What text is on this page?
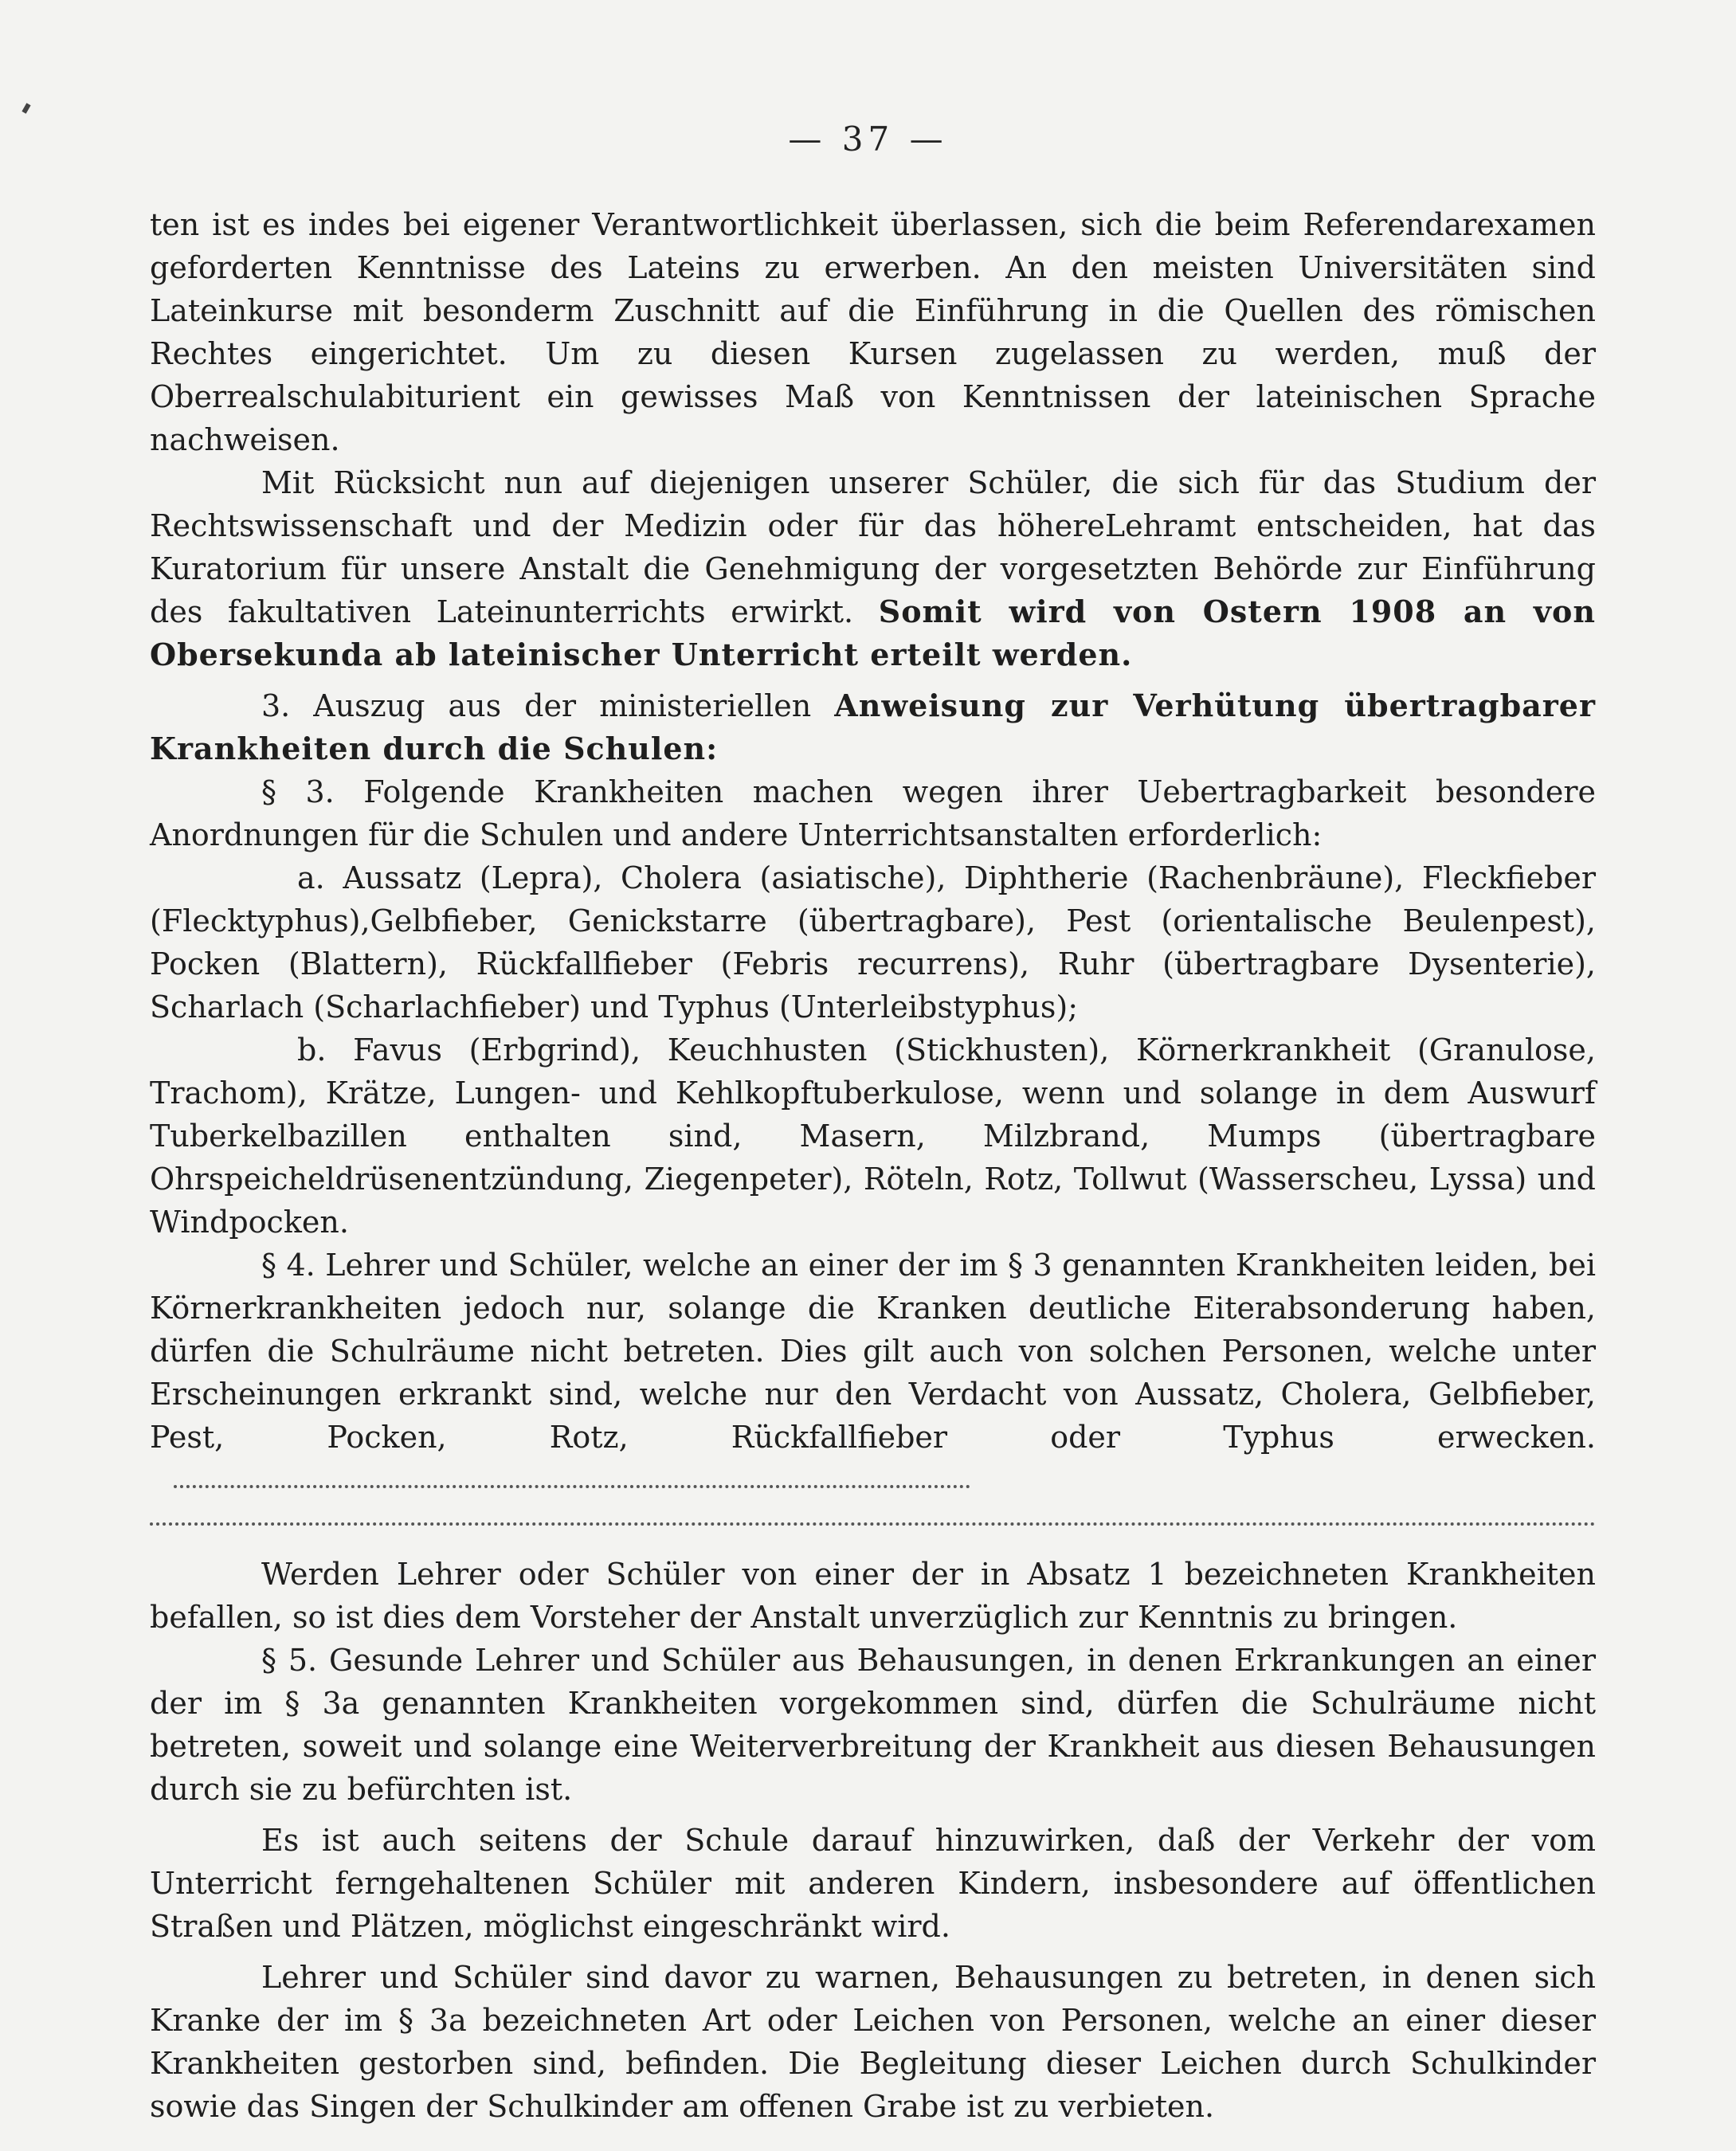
— 37 —

ten ist es indes bei eigener Verantwortlichkeit überlassen, sich die beim Referendarexamen geforderten Kenntnisse des Lateins zu erwerben. An den meisten Universitäten sind Lateinkurse mit besonderm Zuschnitt auf die Einführung in die Quellen des römischen Rechtes eingerichtet. Um zu diesen Kursen zugelassen zu werden, muß der Oberrealschulabiturient ein gewisses Maß von Kenntnissen der lateinischen Sprache nachweisen.

Mit Rücksicht nun auf diejenigen unserer Schüler, die sich für das Studium der Rechtswissenschaft und der Medizin oder für das höhereLehramt entscheiden, hat das Kuratorium für unsere Anstalt die Genehmigung der vorgesetzten Behörde zur Einführung des fakultativen Lateinunterrichts erwirkt. Somit wird von Ostern 1908 an von Obersekunda ab lateinischer Unterricht erteilt werden.

3. Auszug aus der ministeriellen Anweisung zur Verhütung übertragbarer Krankheiten durch die Schulen:

§ 3. Folgende Krankheiten machen wegen ihrer Uebertragbarkeit besondere Anordnungen für die Schulen und andere Unterrichtsanstalten erforderlich:

a. Aussatz (Lepra), Cholera (asiatische), Diphtherie (Rachenbräune), Fleckfieber (Flecktyphus),Gelbfieber, Genickstarre (übertragbare), Pest (orientalische Beulenpest), Pocken (Blattern), Rückfallfieber (Febris recurrens), Ruhr (übertragbare Dysenterie), Scharlach (Scharlachfieber) und Typhus (Unterleibstyphus);

b. Favus (Erbgrind), Keuchhusten (Stickhusten), Körnerkrankheit (Granulose, Trachom), Krätze, Lungen- und Kehlkopftuberkulose, wenn und solange in dem Auswurf Tuberkelbazillen enthalten sind, Masern, Milzbrand, Mumps (übertragbare Ohrspeicheldrüsenentzündung, Ziegenpeter), Röteln, Rotz, Tollwut (Wasserscheu, Lyssa) und Windpocken.

§ 4. Lehrer und Schüler, welche an einer der im § 3 genannten Krankheiten leiden, bei Körnerkrankheiten jedoch nur, solange die Kranken deutliche Eiterabsonderung haben, dürfen die Schulräume nicht betreten. Dies gilt auch von solchen Personen, welche unter Erscheinungen erkrankt sind, welche nur den Verdacht von Aussatz, Cholera, Gelbfieber, Pest, Pocken, Rotz, Rückfallfieber oder Typhus erwecken.

Werden Lehrer oder Schüler von einer der in Absatz 1 bezeichneten Krankheiten befallen, so ist dies dem Vorsteher der Anstalt unverzüglich zur Kenntnis zu bringen.

§ 5. Gesunde Lehrer und Schüler aus Behausungen, in denen Erkrankungen an einer der im § 3a genannten Krankheiten vorgekommen sind, dürfen die Schulräume nicht betreten, soweit und solange eine Weiterverbreitung der Krankheit aus diesen Behausungen durch sie zu befürchten ist.

Es ist auch seitens der Schule darauf hinzuwirken, daß der Verkehr der vom Unterricht ferngehaltenen Schüler mit anderen Kindern, insbesondere auf öffentlichen Straßen und Plätzen, möglichst eingeschränkt wird.

Lehrer und Schüler sind davor zu warnen, Behausungen zu betreten, in denen sich Kranke der im § 3a bezeichneten Art oder Leichen von Personen, welche an einer dieser Krankheiten gestorben sind, befinden. Die Begleitung dieser Leichen durch Schulkinder sowie das Singen der Schulkinder am offenen Grabe ist zu verbieten.
